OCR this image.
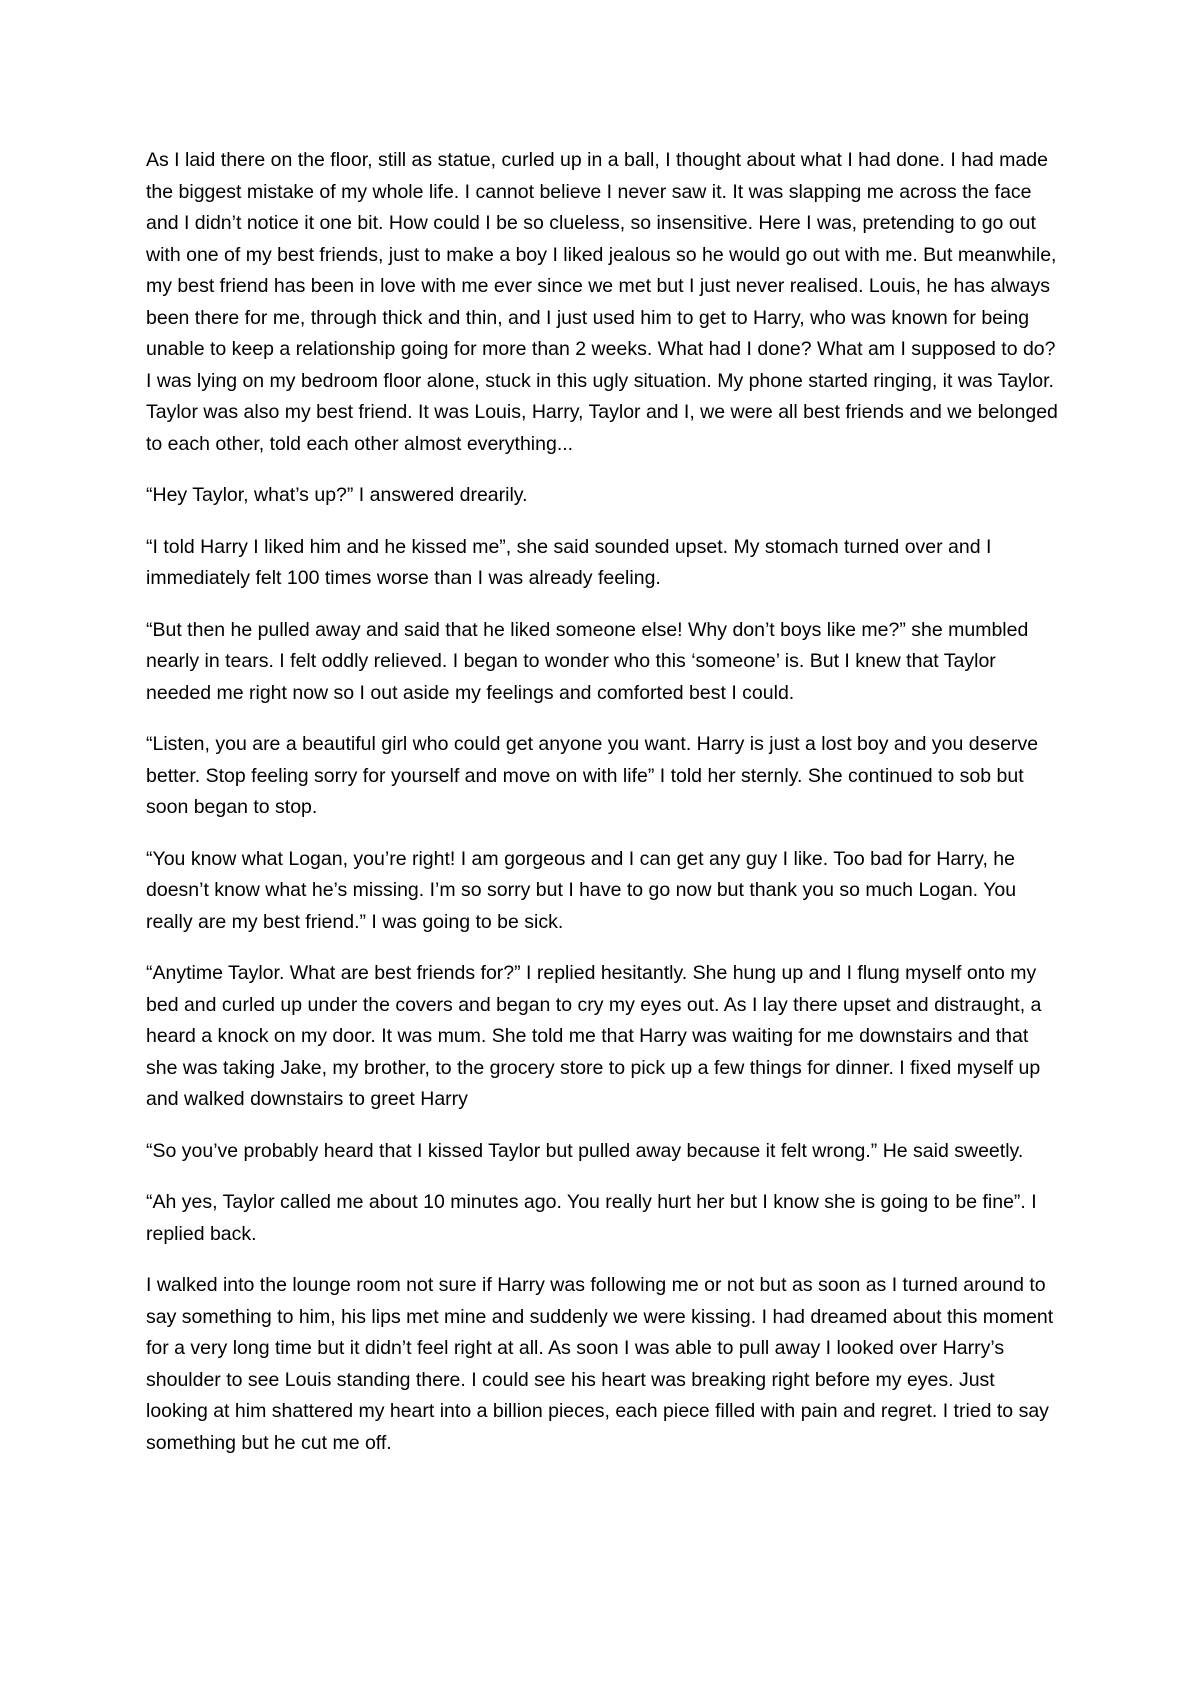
As I laid there on the floor, still as statue, curled up in a ball, I thought about what I had done. I had made the biggest mistake of my whole life. I cannot believe I never saw it. It was slapping me across the face and I didn’t notice it one bit. How could I be so clueless, so insensitive. Here I was, pretending to go out with one of my best friends, just to make a boy I liked jealous so he would go out with me. But meanwhile, my best friend has been in love with me ever since we met but I just never realised. Louis, he has always been there for me, through thick and thin, and I just used him to get to Harry, who was known for being unable to keep a relationship going for more than 2 weeks. What had I done? What am I supposed to do? I was lying on my bedroom floor alone, stuck in this ugly situation. My phone started ringing, it was Taylor. Taylor was also my best friend. It was Louis, Harry, Taylor and I, we were all best friends and we belonged to each other, told each other almost everything...

“Hey Taylor, what’s up?” I answered drearily.

“I told Harry I liked him and he kissed me”, she said sounded upset. My stomach turned over and I immediately felt 100 times worse than I was already feeling.

“But then he pulled away and said that he liked someone else! Why don’t boys like me?” she mumbled nearly in tears. I felt oddly relieved. I began to wonder who this ‘someone’ is. But I knew that Taylor needed me right now so I out aside my feelings and comforted best I could.

“Listen, you are a beautiful girl who could get anyone you want. Harry is just a lost boy and you deserve better. Stop feeling sorry for yourself and move on with life” I told her sternly. She continued to sob but soon began to stop.

“You know what Logan, you’re right! I am gorgeous and I can get any guy I like. Too bad for Harry, he doesn’t know what he’s missing. I’m so sorry but I have to go now but thank you so much Logan. You really are my best friend.” I was going to be sick.

“Anytime Taylor. What are best friends for?” I replied hesitantly. She hung up and I flung myself onto my bed and curled up under the covers and began to cry my eyes out. As I lay there upset and distraught, a heard a knock on my door. It was mum. She told me that Harry was waiting for me downstairs and that she was taking Jake, my brother, to the grocery store to pick up a few things for dinner. I fixed myself up and walked downstairs to greet Harry

“So you’ve probably heard that I kissed Taylor but pulled away because it felt wrong.” He said sweetly.

“Ah yes, Taylor called me about 10 minutes ago. You really hurt her but I know she is going to be fine”. I replied back.

I walked into the lounge room not sure if Harry was following me or not but as soon as I turned around to say something to him, his lips met mine and suddenly we were kissing. I had dreamed about this moment for a very long time but it didn’t feel right at all. As soon I was able to pull away I looked over Harry’s shoulder to see Louis standing there. I could see his heart was breaking right before my eyes. Just looking at him shattered my heart into a billion pieces, each piece filled with pain and regret. I tried to say something but he cut me off.
